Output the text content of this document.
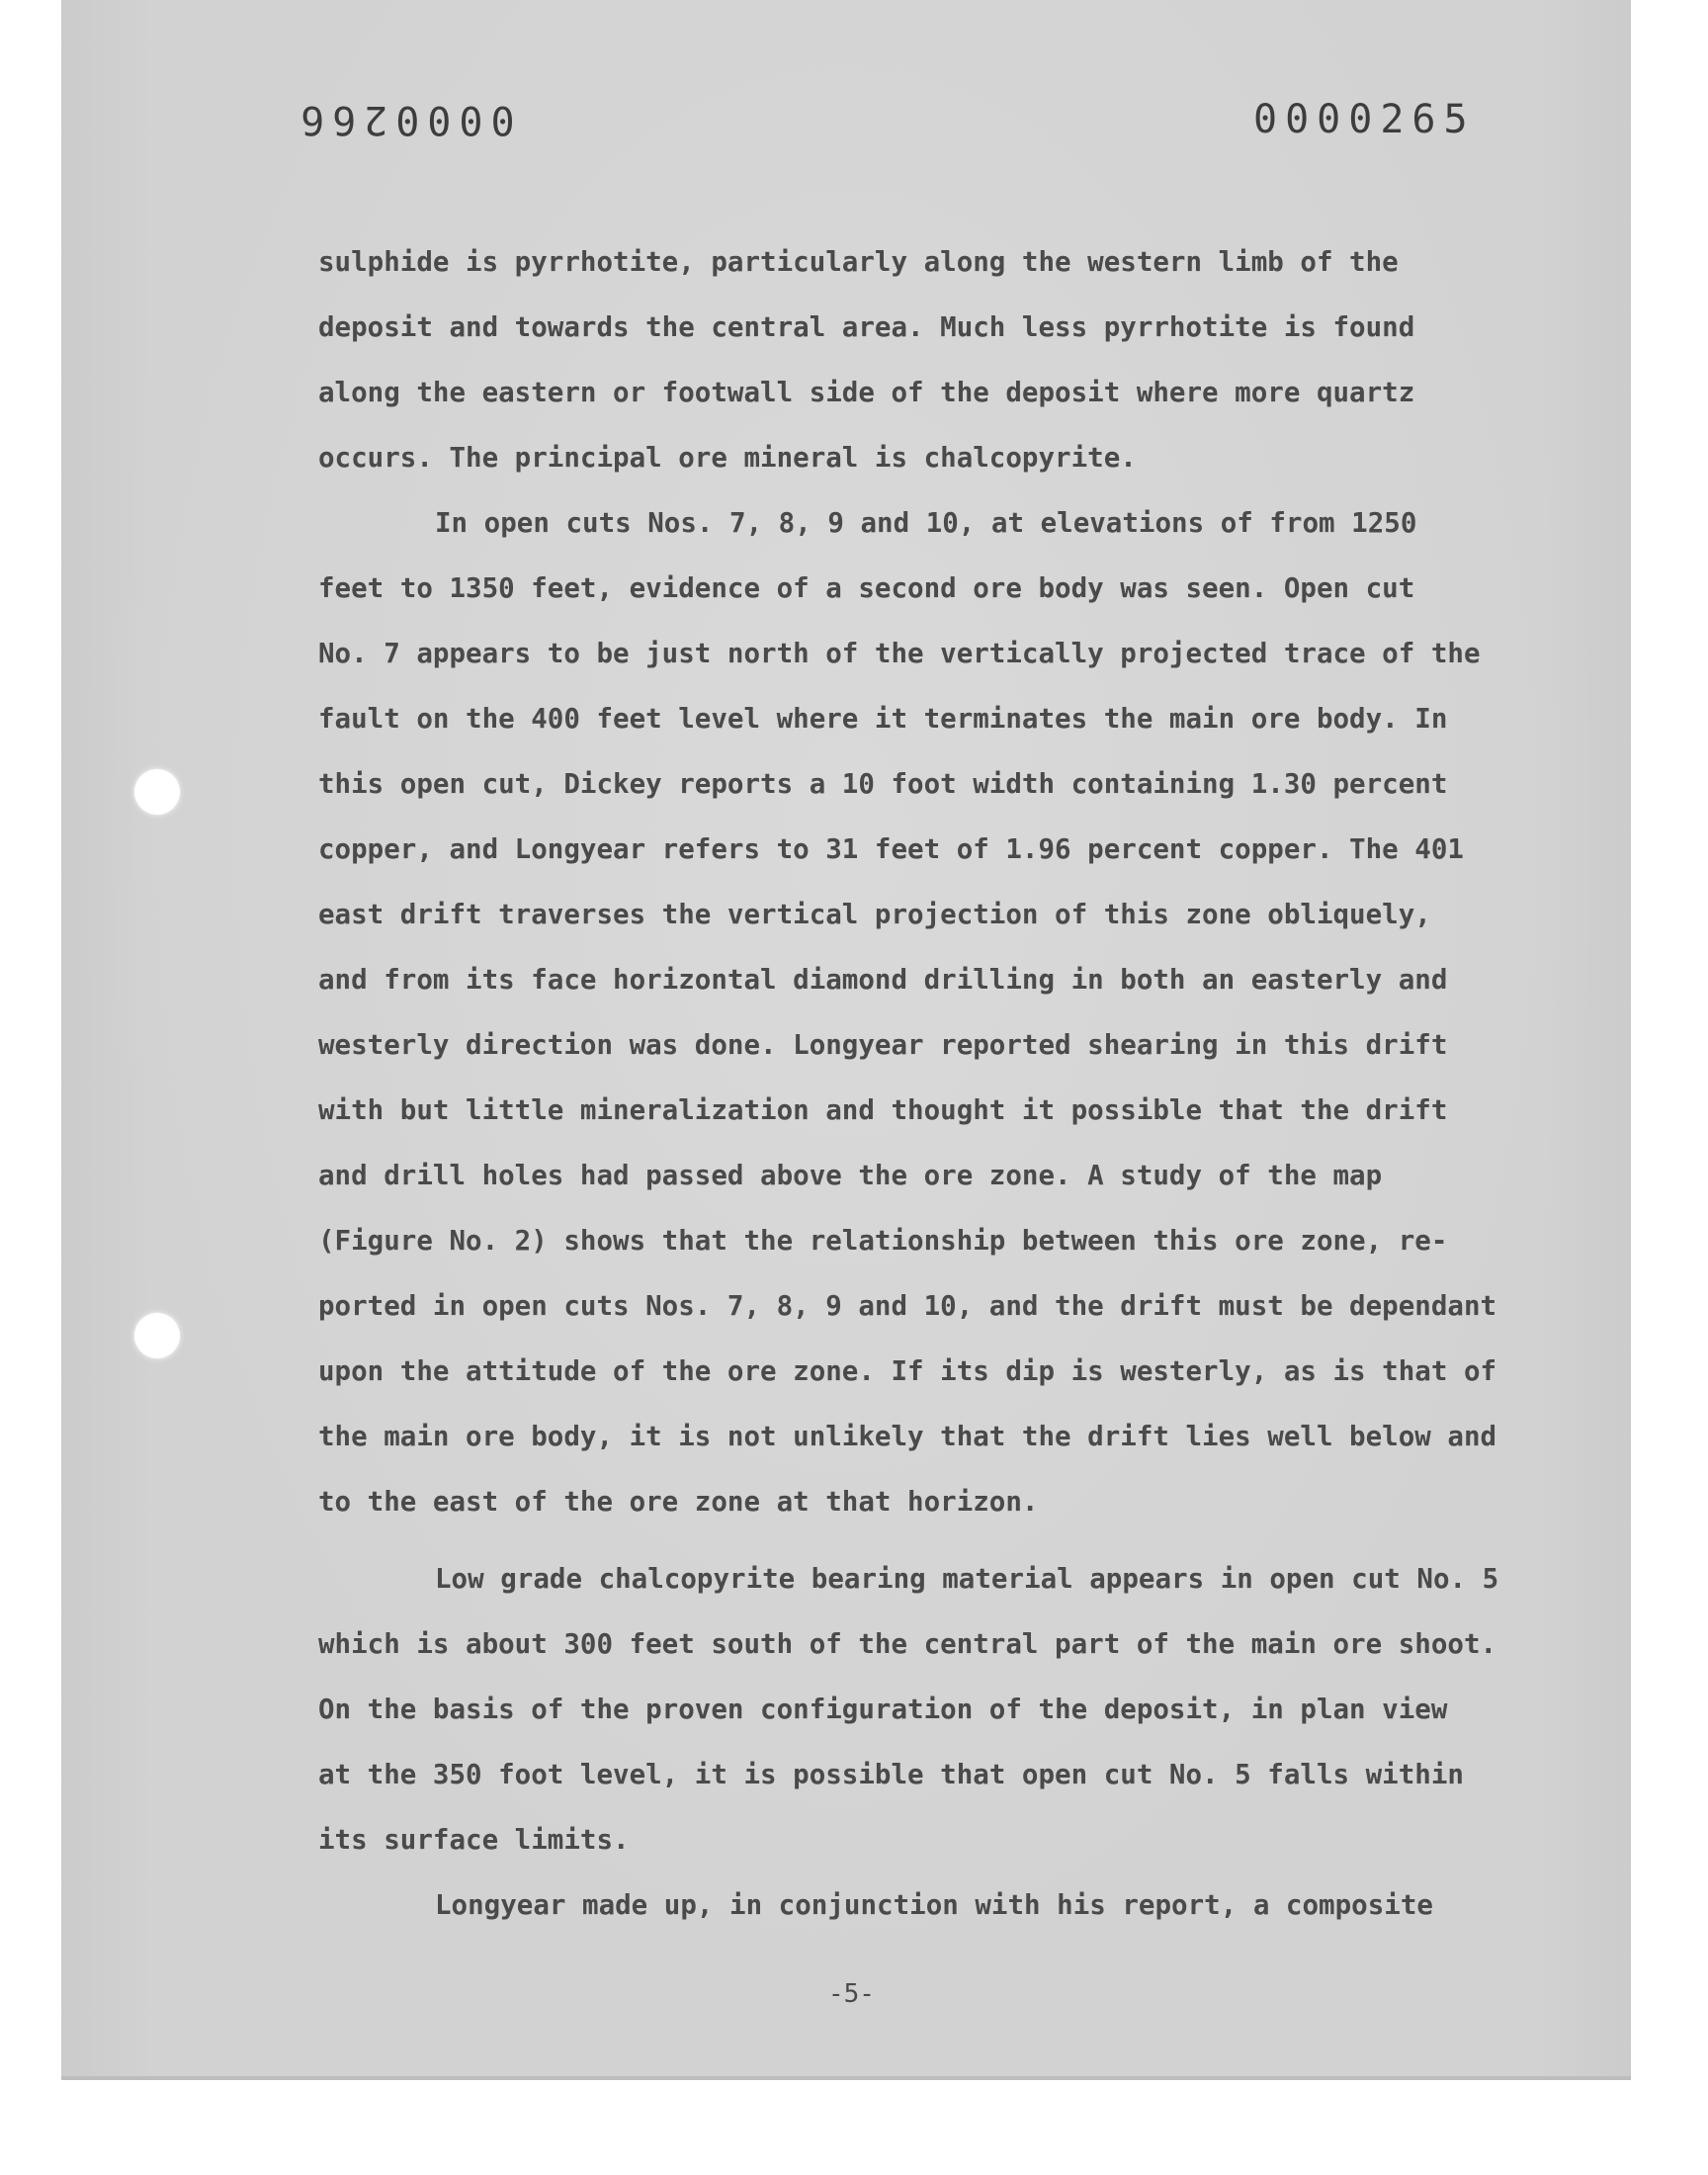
0000266	0000265
sulphide is pyrrhotite, particularly along the western limb of the
deposit and towards the central area. Much less pyrrhotite is found
along the eastern or footwall side of the deposit where more quartz
occurs. The principal ore mineral is chalcopyrite.
In open cuts Nos. 7, 8, 9 and 10, at elevations of from 1250
feet to 1350 feet, evidence of a second ore body was seen. Open cut
No. 7 appears to be just north of the vertically projected trace of the
fault on the 400 feet level where it terminates the main ore body. In
this open cut, Dickey reports a 10 foot width containing 1.30 percent
copper, and Longyear refers to 31 feet of 1.96 percent copper. The 401
east drift traverses the vertical projection of this zone obliquely,
and from its face horizontal diamond drilling in both an easterly and
westerly direction was done. Longyear reported shearing in this drift
with but little mineralization and thought it possible that the drift
and drill holes had passed above the ore zone. A study of the map
(Figure No. 2) shows that the relationship between this ore zone, re-
ported in open cuts Nos. 7, 8, 9 and 10, and the drift must be dependant
upon the attitude of the ore zone. If its dip is westerly, as is that of
the main ore body, it is not unlikely that the drift lies well below and
to the east of the ore zone at that horizon.
Low grade chalcopyrite bearing material appears in open cut No. 5
which is about 300 feet south of the central part of the main ore shoot.
On the basis of the proven configuration of the deposit, in plan view
at the 350 foot level, it is possible that open cut No. 5 falls within
its surface limits.
Longyear made up, in conjunction with his report, a composite
-5-
